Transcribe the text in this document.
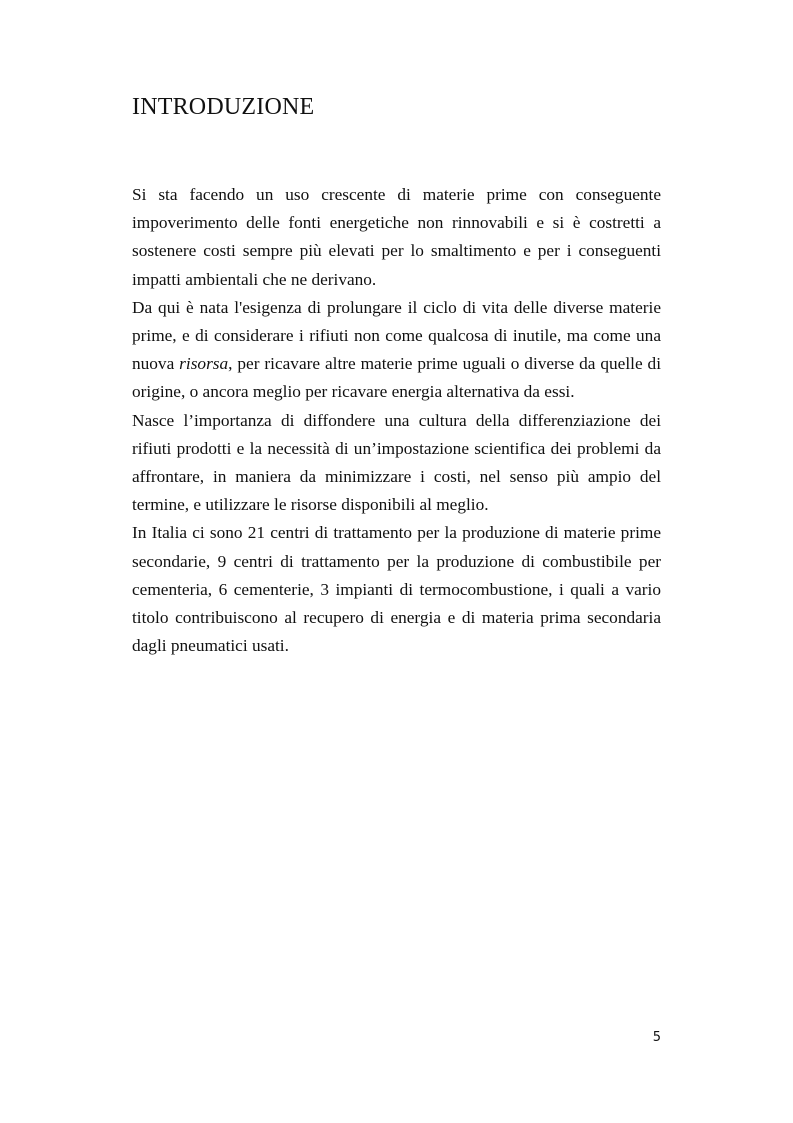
INTRODUZIONE

Si sta facendo un uso crescente di materie prime con conseguente impoverimento delle fonti energetiche non rinnovabili e si è costretti a sostenere costi sempre più elevati per lo smaltimento e per i conseguenti impatti ambientali che ne derivano.

Da qui è nata l'esigenza di prolungare il ciclo di vita delle diverse materie prime, e di considerare i rifiuti non come qualcosa di inutile, ma come una nuova risorsa, per ricavare altre materie prime uguali o diverse da quelle di origine, o ancora meglio per ricavare energia alternativa da essi.

Nasce l’importanza di diffondere una cultura della differenziazione dei rifiuti prodotti e la necessità di un’impostazione scientifica dei problemi da affrontare, in maniera da minimizzare i costi, nel senso più ampio del termine, e utilizzare le risorse disponibili al meglio.

In Italia ci sono 21 centri di trattamento per la produzione di materie prime secondarie, 9 centri di trattamento per la produzione di combustibile per cementeria, 6 cementerie, 3 impianti di termocombustione, i quali a vario titolo contribuiscono al recupero di energia e di materia prima secondaria dagli pneumatici usati.

5
